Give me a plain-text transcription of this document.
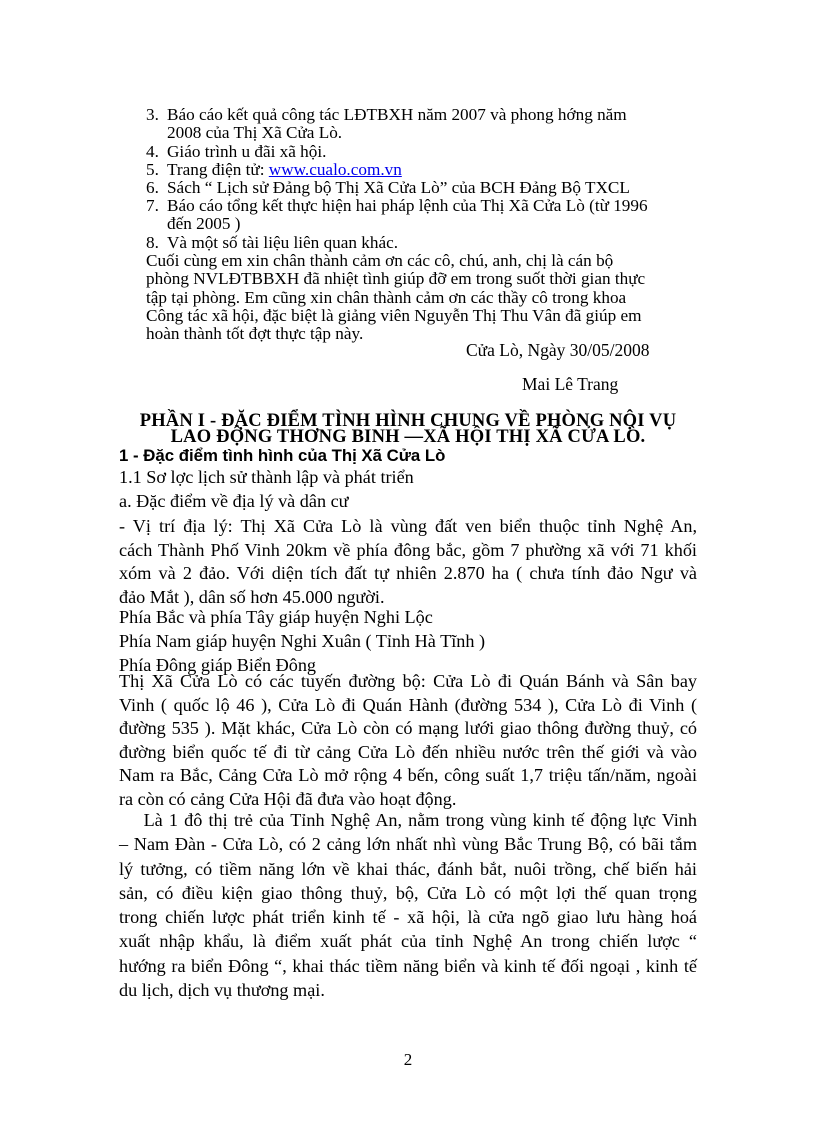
3. Báo cáo kết quả công tác LĐTBXH năm 2007 và phong hớng năm
2008 của Thị Xã Cửa Lò.
4. Giáo trình u đãi xã hội.
5. Trang điện tử: www.cualo.com.vn
6. Sách “ Lịch sử Đảng bộ Thị Xã Cửa Lò” của BCH Đảng Bộ TXCL
7. Báo cáo tổng kết thực hiện hai pháp lệnh của Thị Xã Cửa Lò (từ 1996
đến 2005 )
8. Và một số tài liệu liên quan khác.
Cuối cùng em xin chân thành cảm ơn các cô, chú, anh, chị là cán bộ
phòng NVLĐTBBXH đã nhiệt tình giúp đỡ em trong suốt thời gian thực
tập tại phòng. Em cũng xin chân thành cảm ơn các thầy cô trong khoa
Công tác xã hội, đặc biệt là giảng viên Nguyễn Thị Thu Vân đã giúp em
hoàn thành tốt đợt thực tập này.
Cửa Lò, Ngày 30/05/2008
Mai Lê Trang
PHẦN I - ĐẶC ĐIỂM TÌNH HÌNH CHUNG VỀ PHÒNG NỘI VỤ
LAO ĐỘNG THƠNG BINH —XÃ HỘI THỊ XÃ CỬA LÒ.
1 - Đặc điểm tình hình của Thị Xã Cửa Lò
1.1 Sơ lợc lịch sử thành lập và phát triển
a. Đặc điểm về địa lý và dân cư
- Vị trí địa lý: Thị Xã Cửa Lò là vùng đất ven biển thuộc tỉnh Nghệ An,
cách Thành Phố Vinh 20km về phía đông bắc, gồm 7 phường xã với 71 khối
xóm và 2 đảo. Với diện tích đất tự nhiên 2.870 ha ( chưa tính đảo Ngư và
đảo Mắt ), dân số hơn 45.000 người.
Phía Bắc và phía Tây giáp huyện Nghi Lộc
Phía Nam giáp huyện Nghi Xuân ( Tỉnh Hà Tĩnh )
Phía Đông giáp Biển Đông
Thị Xã Cửa Lò có các tuyến đường bộ: Cửa Lò đi Quán Bánh và Sân bay
Vinh ( quốc lộ 46 ), Cửa Lò đi Quán Hành (đường 534 ), Cửa Lò đi Vinh (
đường 535 ). Mặt khác, Cửa Lò còn có mạng lưới giao thông đường thuỷ, có
đường biển quốc tế đi từ cảng Cửa Lò đến nhiều nước trên thế giới và vào
Nam ra Bắc, Cảng Cửa Lò mở rộng 4 bến, công suất 1,7 triệu tấn/năm, ngoài
ra còn có cảng Cửa Hội đã đưa vào hoạt động.
Là 1 đô thị trẻ của Tỉnh Nghệ An, nằm trong vùng kinh tế động lực Vinh
– Nam Đàn - Cửa Lò, có 2 cảng lớn nhất nhì vùng Bắc Trung Bộ, có bãi tắm
lý tưởng, có tiềm năng lớn về khai thác, đánh bắt, nuôi trồng, chế biến hải
sản, có điều kiện giao thông thuỷ, bộ, Cửa Lò có một lợi thế quan trọng
trong chiến lược phát triển kinh tế - xã hội, là cửa ngõ giao lưu hàng hoá
xuất nhập khẩu, là điểm xuất phát của tỉnh Nghệ An trong chiến lược “
hướng ra biển Đông “, khai thác tiềm năng biển và kinh tế đối ngoại , kinh tế
du lịch, dịch vụ thương mại.
2
